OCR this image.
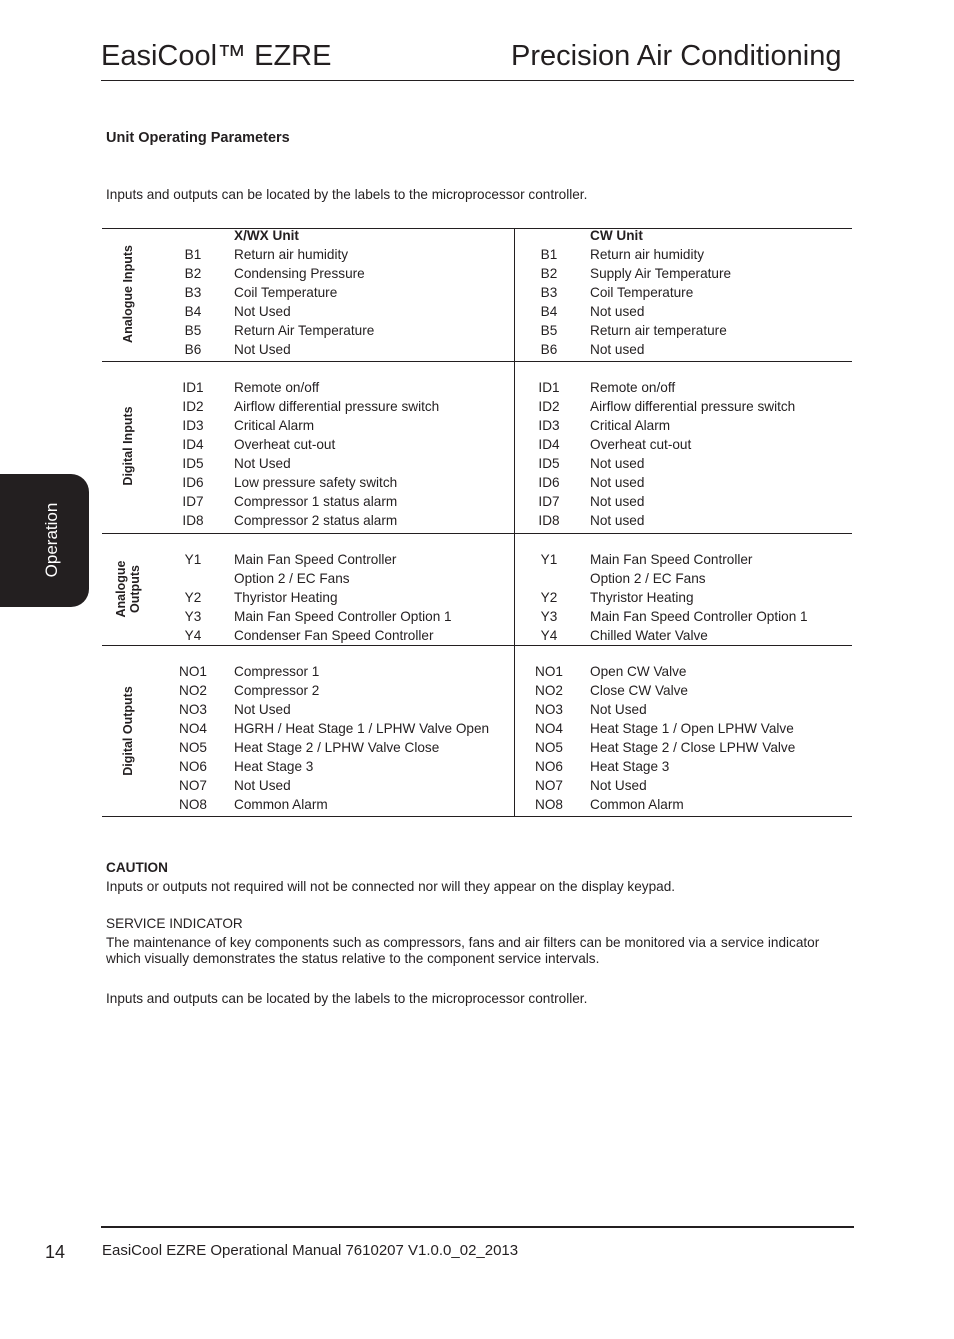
EasiCool™ EZRE	Precision Air Conditioning
Unit Operating Parameters
Inputs and outputs can be located by the labels to the microprocessor controller.
Operation
X/WX Unit	CW Unit
Analogue Inputs	B1	Return air humidity	B1	Return air humidity
B2	Condensing Pressure	B2	Supply Air Temperature
B3	Coil Temperature	B3	Coil Temperature
B4	Not Used	B4	Not used
B5	Return Air Temperature	B5	Return air temperature
B6	Not Used	B6	Not used
Digital Inputs
ID1	Remote on/off	ID1	Remote on/off
ID2	Airflow differential pressure switch	ID2	Airflow differential pressure switch
ID3	Critical Alarm	ID3	Critical Alarm
ID4	Overheat cut-out	ID4	Overheat cut-out
ID5	Not Used	ID5	Not used
ID6	Low pressure safety switch	ID6	Not used
ID7	Compressor 1 status alarm	ID7	Not used
ID8	Compressor 2 status alarm	ID8	Not used
Analogue Outputs
Y1	Main Fan Speed Controller	Y1	Main Fan Speed Controller
Option 2 / EC Fans	Option 2 / EC Fans
Y2	Thyristor Heating	Y2	Thyristor Heating
Y3	Main Fan Speed Controller Option 1	Y3	Main Fan Speed Controller Option 1
Y4	Condenser Fan Speed Controller	Y4	Chilled Water Valve
Digital Outputs
NO1	Compressor 1	NO1	Open CW Valve
NO2	Compressor 2	NO2	Close CW Valve
NO3	Not Used	NO3	Not Used
NO4	HGRH / Heat Stage 1 / LPHW Valve Open	NO4	Heat Stage 1 / Open LPHW Valve
NO5	Heat Stage 2 / LPHW Valve Close	NO5	Heat Stage 2 / Close LPHW Valve
NO6	Heat Stage 3	NO6	Heat Stage 3
NO7	Not Used	NO7	Not Used
NO8	Common Alarm	NO8	Common Alarm
CAUTION
Inputs or outputs not required will not be connected nor will they appear on the display keypad.
SERVICE INDICATOR
The maintenance of key components such as compressors, fans and air filters can be monitored via a service indicator
which visually demonstrates the status relative to the component service intervals.
Inputs and outputs can be located by the labels to the microprocessor controller.
14 EasiCool EZRE Operational Manual 7610207 V1.0.0_02_2013
